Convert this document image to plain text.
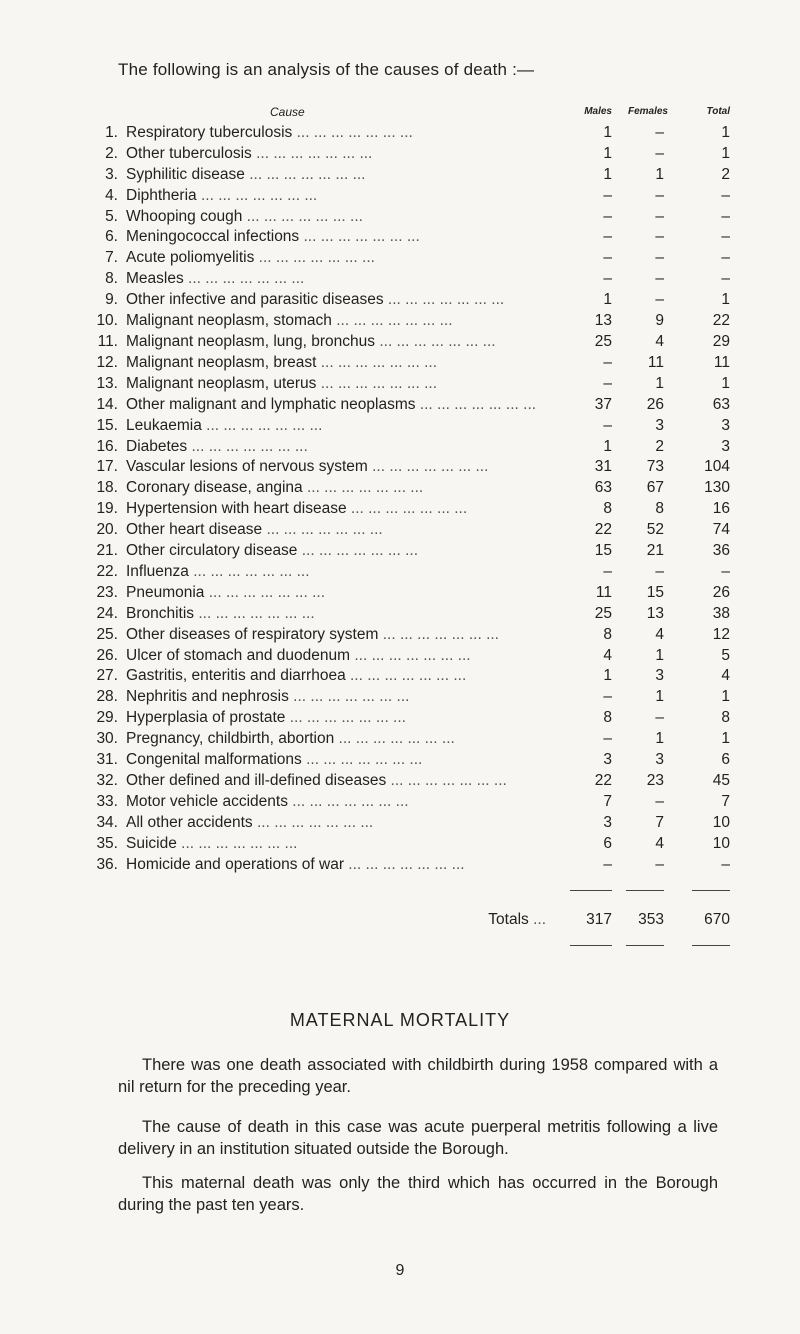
The following is an analysis of the causes of death :—
Cause		Males	Females	Total
1.	Respiratory tuberculosis ... ... ... ... ... ... ...	1	–	1
2.	Other tuberculosis ... ... ... ... ... ... ...	1	–	1
3.	Syphilitic disease ... ... ... ... ... ... ...	1	1	2
4.	Diphtheria ... ... ... ... ... ... ...	–	–	–
5.	Whooping cough ... ... ... ... ... ... ...	–	–	–
6.	Meningococcal infections ... ... ... ... ... ... ...	–	–	–
7.	Acute poliomyelitis ... ... ... ... ... ... ...	–	–	–
8.	Measles ... ... ... ... ... ... ...	–	–	–
9.	Other infective and parasitic diseases ... ... ... ... ... ... ...	1	–	1
10.	Malignant neoplasm, stomach ... ... ... ... ... ... ...	13	9	22
11.	Malignant neoplasm, lung, bronchus ... ... ... ... ... ... ...	25	4	29
12.	Malignant neoplasm, breast ... ... ... ... ... ... ...	–	11	11
13.	Malignant neoplasm, uterus ... ... ... ... ... ... ...	–	1	1
14.	Other malignant and lymphatic neoplasms ... ... ... ... ... ... ...	37	26	63
15.	Leukaemia ... ... ... ... ... ... ...	–	3	3
16.	Diabetes ... ... ... ... ... ... ...	1	2	3
17.	Vascular lesions of nervous system ... ... ... ... ... ... ...	31	73	104
18.	Coronary disease, angina ... ... ... ... ... ... ...	63	67	130
19.	Hypertension with heart disease ... ... ... ... ... ... ...	8	8	16
20.	Other heart disease ... ... ... ... ... ... ...	22	52	74
21.	Other circulatory disease ... ... ... ... ... ... ...	15	21	36
22.	Influenza ... ... ... ... ... ... ...	–	–	–
23.	Pneumonia ... ... ... ... ... ... ...	11	15	26
24.	Bronchitis ... ... ... ... ... ... ...	25	13	38
25.	Other diseases of respiratory system ... ... ... ... ... ... ...	8	4	12
26.	Ulcer of stomach and duodenum ... ... ... ... ... ... ...	4	1	5
27.	Gastritis, enteritis and diarrhoea ... ... ... ... ... ... ...	1	3	4
28.	Nephritis and nephrosis ... ... ... ... ... ... ...	–	1	1
29.	Hyperplasia of prostate ... ... ... ... ... ... ...	8	–	8
30.	Pregnancy, childbirth, abortion ... ... ... ... ... ... ...	–	1	1
31.	Congenital malformations ... ... ... ... ... ... ...	3	3	6
32.	Other defined and ill-defined diseases ... ... ... ... ... ... ...	22	23	45
33.	Motor vehicle accidents ... ... ... ... ... ... ...	7	–	7
34.	All other accidents ... ... ... ... ... ... ...	3	7	10
35.	Suicide ... ... ... ... ... ... ...	6	4	10
36.	Homicide and operations of war ... ... ... ... ... ... ...	–	–	–

	Totals ...	317	353	670

MATERNAL MORTALITY
There was one death associated with childbirth during 1958 compared with a nil return for the preceding year.
The cause of death in this case was acute puerperal metritis following a live delivery in an institution situated outside the Borough.
This maternal death was only the third which has occurred in the Borough during the past ten years.
9
